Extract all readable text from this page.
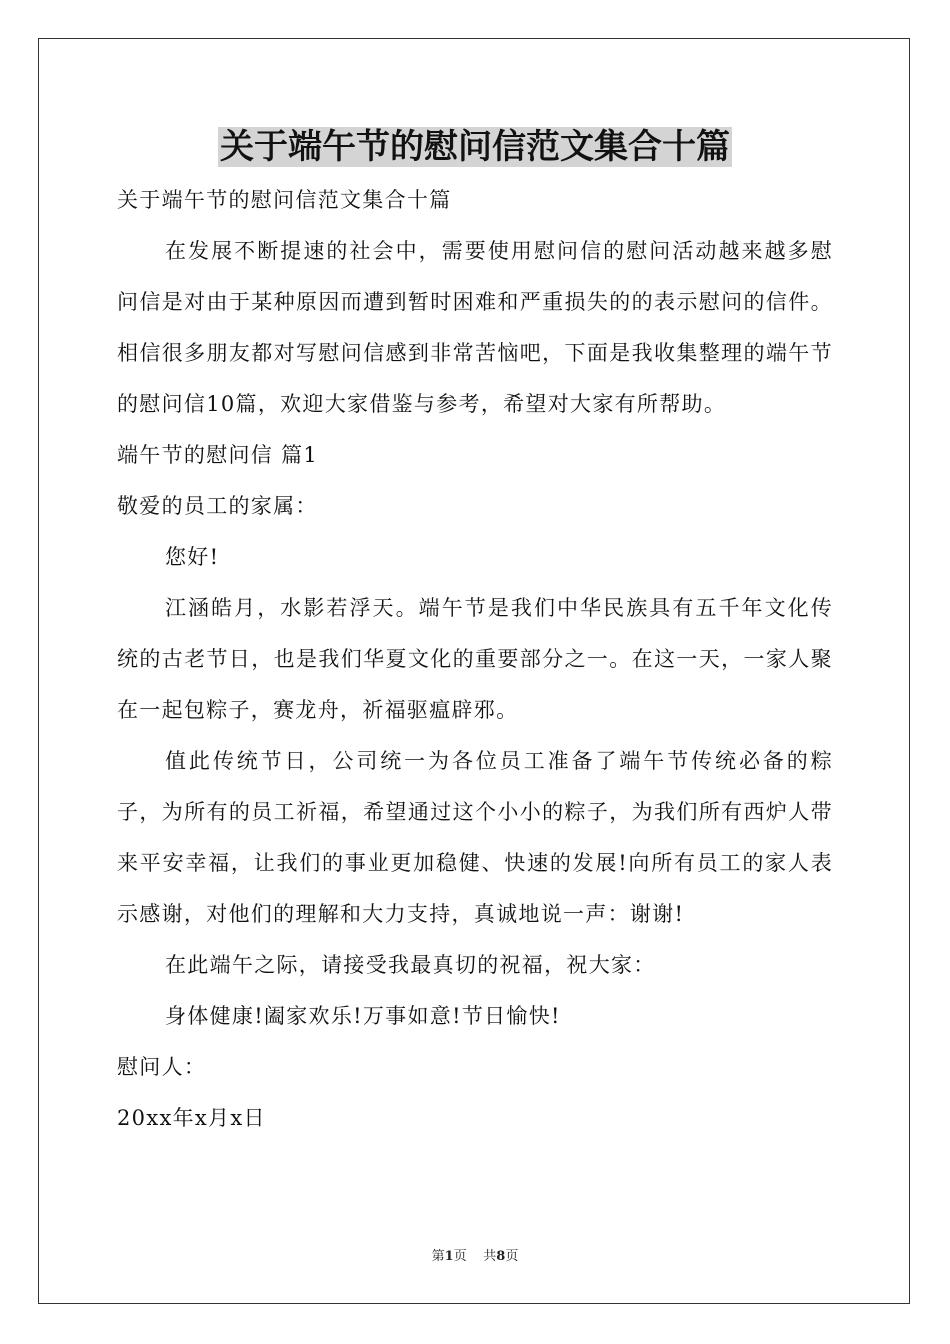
关于端午节的慰问信范文集合十篇
关于端午节的慰问信范文集合十篇
在发展不断提速的社会中，需要使用慰问信的慰问活动越来越多慰问信是对由于某种原因而遭到暂时困难和严重损失的的表示慰问的信件。相信很多朋友都对写慰问信感到非常苦恼吧，下面是我收集整理的端午节的慰问信10篇，欢迎大家借鉴与参考，希望对大家有所帮助。
端午节的慰问信 篇1
敬爱的员工的家属：
您好!
江涵皓月，水影若浮天。端午节是我们中华民族具有五千年文化传统的古老节日，也是我们华夏文化的重要部分之一。在这一天，一家人聚在一起包粽子，赛龙舟，祈福驱瘟辟邪。
值此传统节日，公司统一为各位员工准备了端午节传统必备的粽子，为所有的员工祈福，希望通过这个小小的粽子，为我们所有西炉人带来平安幸福，让我们的事业更加稳健、快速的发展!向所有员工的家人表示感谢，对他们的理解和大力支持，真诚地说一声：谢谢!
在此端午之际，请接受我最真切的祝福，祝大家：
身体健康!阖家欢乐!万事如意!节日愉快!
慰问人：
20xx年x月x日
第1页 共8页
